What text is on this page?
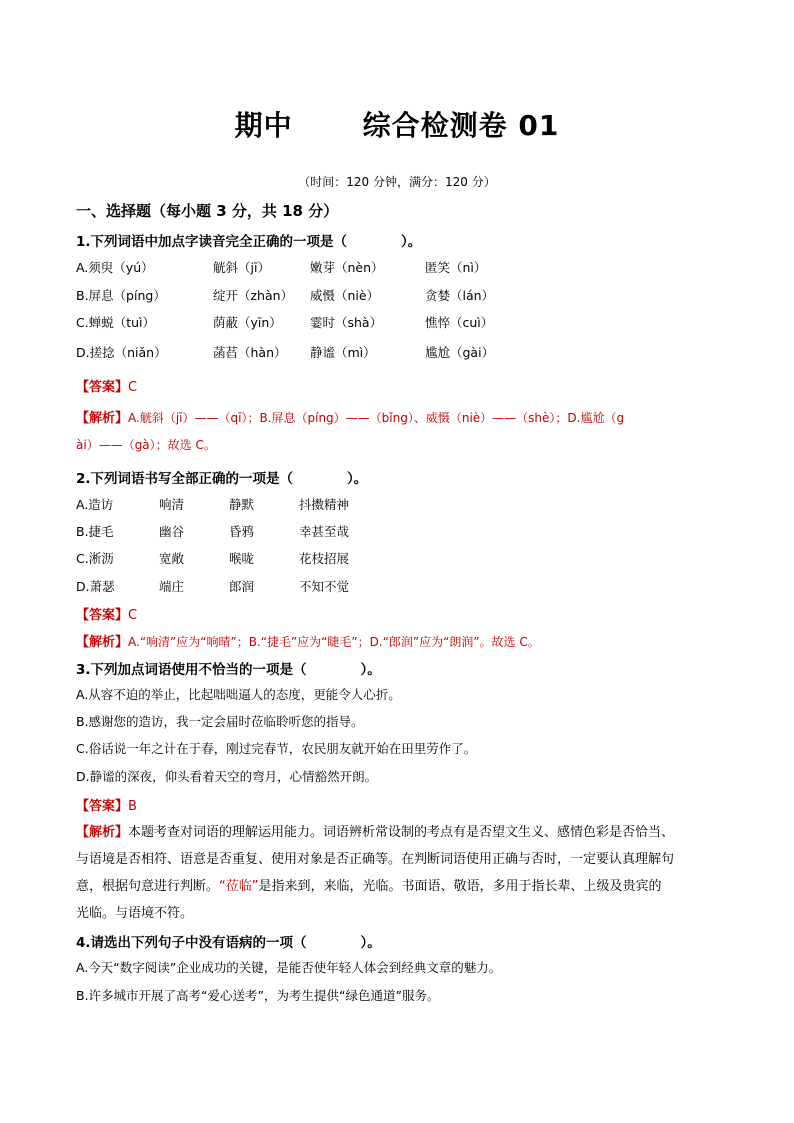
期中	综合检测卷 01
（时间：120 分钟，满分：120 分）
一、选择题（每小题 3 分，共 18 分）
1.下列词语中加点字读音完全正确的一项是（　　　　）。
A.须臾（yú）	觥斜（jī）	嫩芽（nèn）	匿笑（nì）
B.屏息（píng）	绽开（zhàn） 威慑（niè）	贪婪（lán）
C.蝉蜕（tuì）	荫蔽（yīn） 霎时（shà）	憔悴（cuì）
D.搓捻（niǎn）	菡萏（hàn） 静谧（mì）	尴尬（gài）
【答案】C
【解析】A.觥斜（jī）——（qī）；B.屏息（píng）——（bǐng）、威慑（niè）——（shè）；D.尴尬（g
ài）——（gà）；故选 C。
2.下列词语书写全部正确的一项是（　　　　）。
A.造访	响清	静默	抖擞精神
B.捷毛	幽谷	昏鸦	幸甚至哉
C.淅沥	宽敞	喉咙	花枝招展
D.萧瑟	端庄	郎润	不知不觉
【答案】C
【解析】A.“响清”应为“响晴”；B.“捷毛”应为“睫毛”；D.“郎润”应为“朗润”。故选 C。
3.下列加点词语使用不恰当的一项是（　　　　）。
A.从容不迫的举止，比起咄咄逼人的态度，更能令人心折。
B.感谢您的造访，我一定会届时莅临聆听您的指导。
C.俗话说一年之计在于春，刚过完春节，农民朋友就开始在田里劳作了。
D.静谧的深夜，仰头看着天空的弯月，心情豁然开朗。
【答案】B
【解析】本题考查对词语的理解运用能力。词语辨析常设制的考点有是否望文生义、感情色彩是否恰当、
与语境是否相符、语意是否重复、使用对象是否正确等。在判断词语使用正确与否时，一定要认真理解句
意，根据句意进行判断。“莅临”是指来到，来临，光临。书面语、敬语，多用于指长辈、上级及贵宾的
光临。与语境不符。
4.请选出下列句子中没有语病的一项（　　　　）。
A.今天“数字阅读”企业成功的关键，是能否使年轻人体会到经典文章的魅力。
B.许多城市开展了高考“爱心送考”，为考生提供“绿色通道”服务。
